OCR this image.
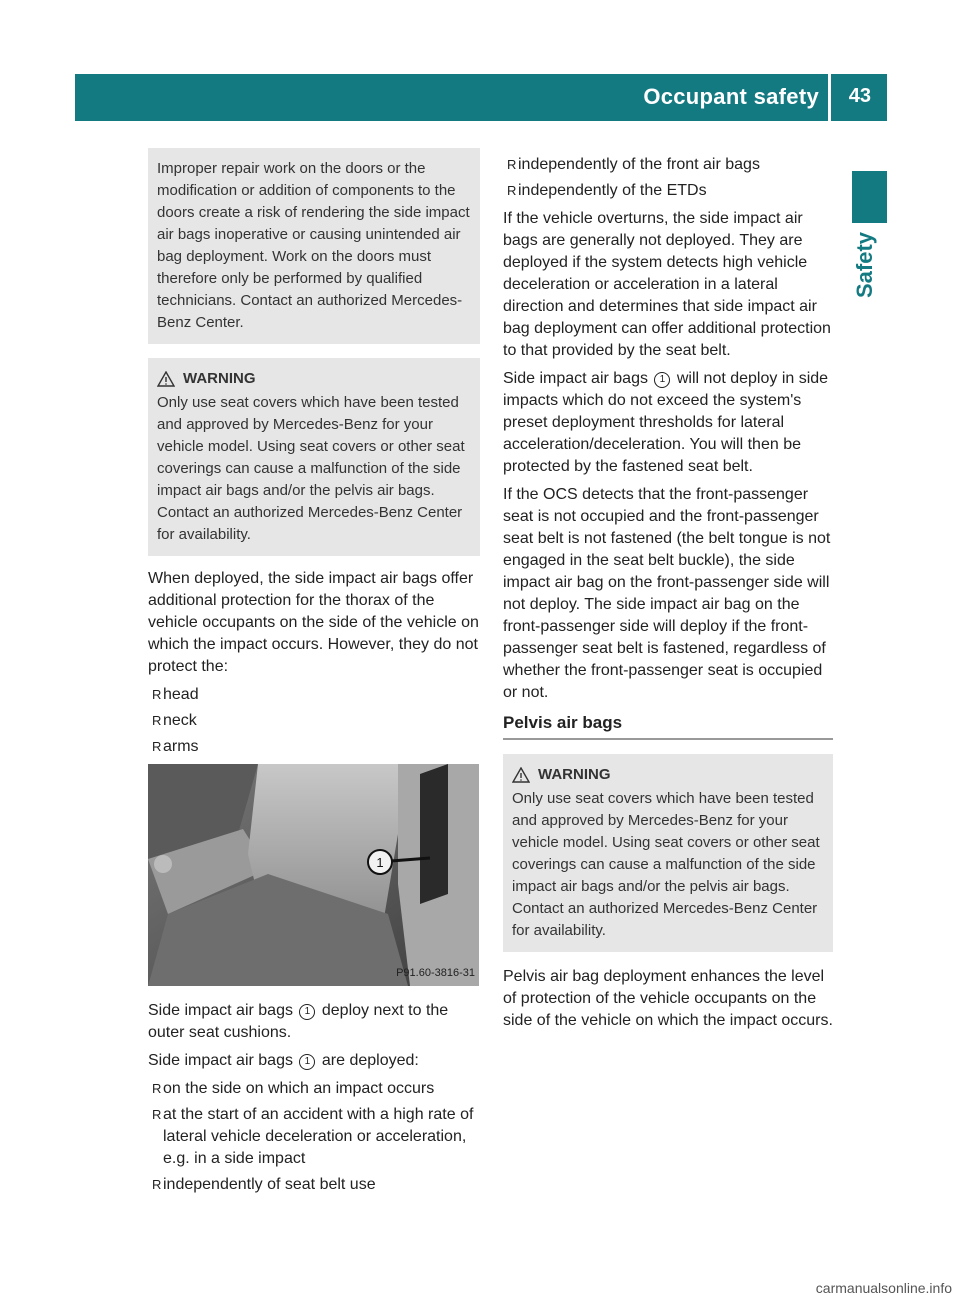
Occupant safety 43
Safety

Improper repair work on the doors or the modification or addition of components to the doors create a risk of rendering the side impact air bags inoperative or causing unintended air bag deployment. Work on the doors must therefore only be performed by qualified technicians. Contact an authorized Mercedes-Benz Center.

WARNING

Only use seat covers which have been tested and approved by Mercedes-Benz for your vehicle model. Using seat covers or other seat coverings can cause a malfunction of the side impact air bags and/or the pelvis air bags. Contact an authorized Mercedes-Benz Center for availability.

When deployed, the side impact air bags offer additional protection for the thorax of the vehicle occupants on the side of the vehicle on which the impact occurs. However, they do not protect the:

R head
R neck
R arms
1
P91.60-3816-31

Side impact air bags 1 deploy next to the outer seat cushions.

Side impact air bags 1 are deployed:

R on the side on which an impact occurs
R at the start of an accident with a high rate of lateral vehicle deceleration or acceleration, e.g. in a side impact
R independently of seat belt use
R independently of the front air bags
R independently of the ETDs

If the vehicle overturns, the side impact air bags are generally not deployed. They are deployed if the system detects high vehicle deceleration or acceleration in a lateral direction and determines that side impact air bag deployment can offer additional protection to that provided by the seat belt.

Side impact air bags 1 will not deploy in side impacts which do not exceed the system's preset deployment thresholds for lateral acceleration/deceleration. You will then be protected by the fastened seat belt.

If the OCS detects that the front-passenger seat is not occupied and the front-passenger seat belt is not fastened (the belt tongue is not engaged in the seat belt buckle), the side impact air bag on the front-passenger side will not deploy. The side impact air bag on the front-passenger side will deploy if the front-passenger seat belt is fastened, regardless of whether the front-passenger seat is occupied or not.

Pelvis air bags
WARNING

Only use seat covers which have been tested and approved by Mercedes-Benz for your vehicle model. Using seat covers or other seat coverings can cause a malfunction of the side impact air bags and/or the pelvis air bags. Contact an authorized Mercedes-Benz Center for availability.

Pelvis air bag deployment enhances the level of protection of the vehicle occupants on the side of the vehicle on which the impact occurs.

carmanualsonline.info
